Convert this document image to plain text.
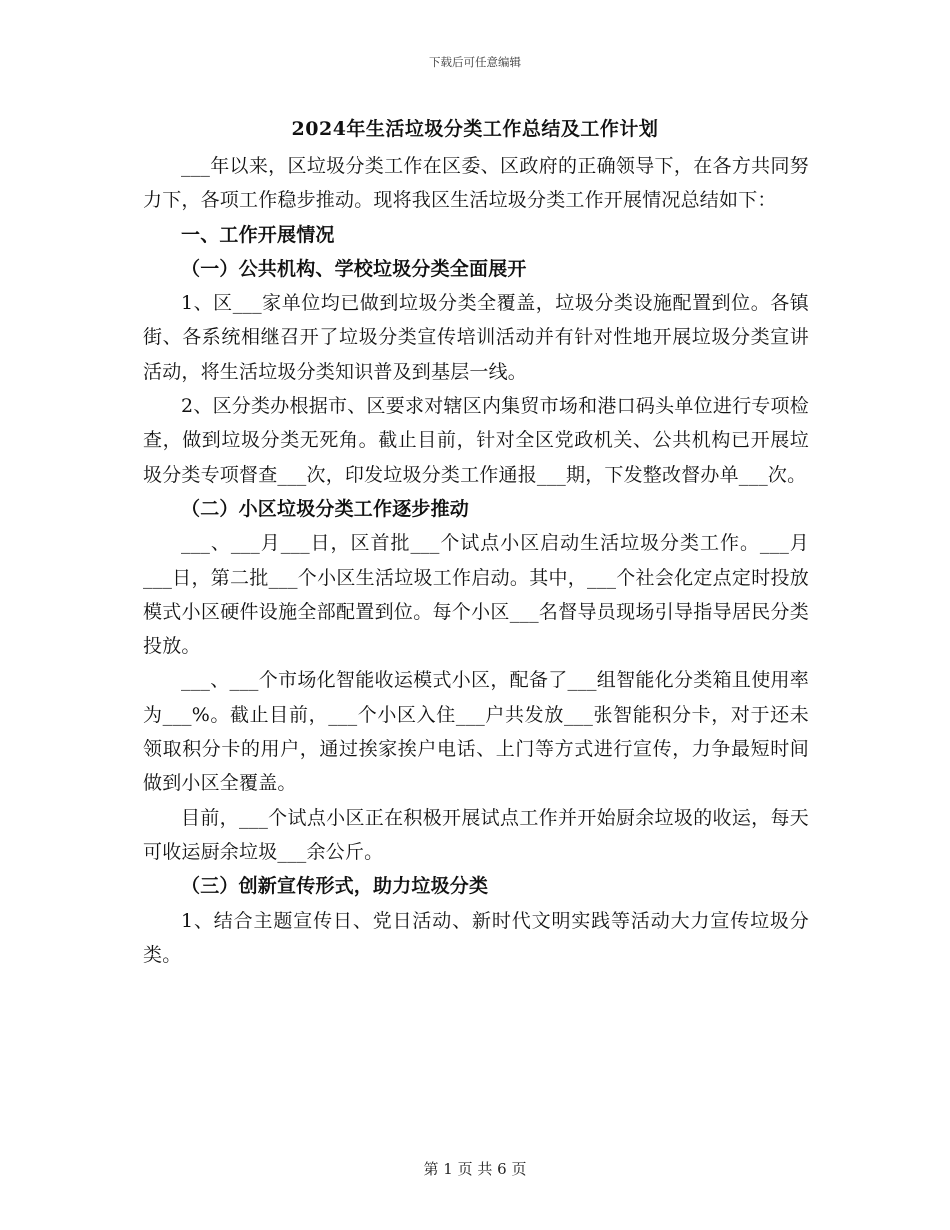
下载后可任意编辑
2024年生活垃圾分类工作总结及工作计划

___年以来，区垃圾分类工作在区委、区政府的正确领导下，在各方共同努力下，各项工作稳步推动。现将我区生活垃圾分类工作开展情况总结如下：

一、工作开展情况

（一）公共机构、学校垃圾分类全面展开

1、区___家单位均已做到垃圾分类全覆盖，垃圾分类设施配置到位。各镇街、各系统相继召开了垃圾分类宣传培训活动并有针对性地开展垃圾分类宣讲活动，将生活垃圾分类知识普及到基层一线。

2、区分类办根据市、区要求对辖区内集贸市场和港口码头单位进行专项检查，做到垃圾分类无死角。截止目前，针对全区党政机关、公共机构已开展垃圾分类专项督查___次，印发垃圾分类工作通报___期，下发整改督办单___次。

（二）小区垃圾分类工作逐步推动

___、___月___日，区首批___个试点小区启动生活垃圾分类工作。___月___日，第二批___个小区生活垃圾工作启动。其中，___个社会化定点定时投放模式小区硬件设施全部配置到位。每个小区___名督导员现场引导指导居民分类投放。

___、___个市场化智能收运模式小区，配备了___组智能化分类箱且使用率为___%。截止目前，___个小区入住___户共发放___张智能积分卡，对于还未领取积分卡的用户，通过挨家挨户电话、上门等方式进行宣传，力争最短时间做到小区全覆盖。

目前，___个试点小区正在积极开展试点工作并开始厨余垃圾的收运，每天可收运厨余垃圾___余公斤。

（三）创新宣传形式，助力垃圾分类

1、结合主题宣传日、党日活动、新时代文明实践等活动大力宣传垃圾分类。

第 1 页 共 6 页
